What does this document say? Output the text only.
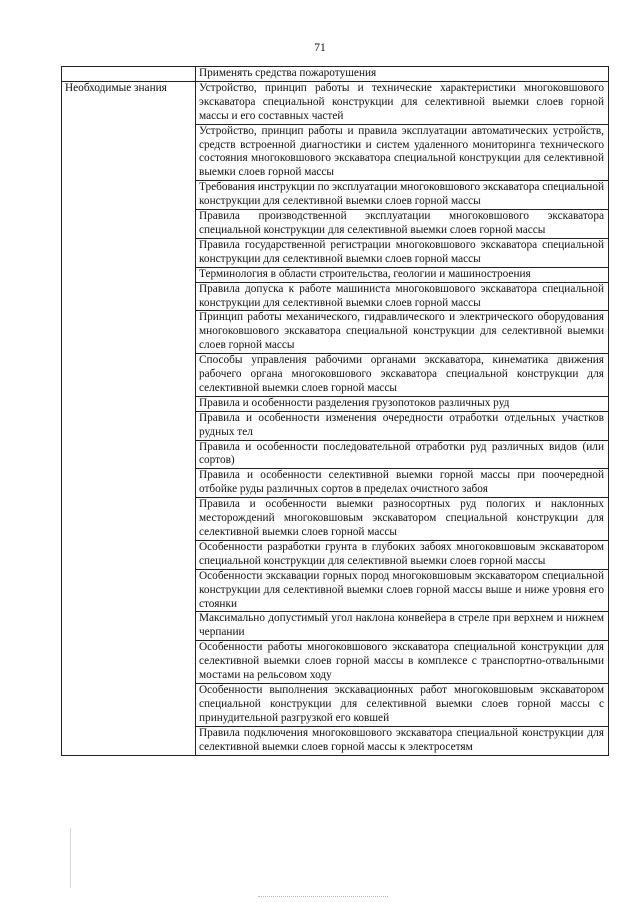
71
	Применять средства пожаротушения
Необходимые знания	Устройство, принцип работы и технические характеристики многоковшового экскаватора специальной конструкции для селективной выемки слоев горной массы и его составных частей
	Устройство, принцип работы и правила эксплуатации автоматических устройств, средств встроенной диагностики и систем удаленного мониторинга технического состояния многоковшового экскаватора специальной конструкции для селективной выемки слоев горной массы
	Требования инструкции по эксплуатации многоковшового экскаватора специальной конструкции для селективной выемки слоев горной массы
	Правила производственной эксплуатации многоковшового экскаватора специальной конструкции для селективной выемки слоев горной массы
	Правила государственной регистрации многоковшового экскаватора специальной конструкции для селективной выемки слоев горной массы
	Терминология в области строительства, геологии и машиностроения
	Правила допуска к работе машиниста многоковшового экскаватора специальной конструкции для селективной выемки слоев горной массы
	Принцип работы механического, гидравлического и электрического оборудования многоковшового экскаватора специальной конструкции для селективной выемки слоев горной массы
	Способы управления рабочими органами экскаватора, кинематика движения рабочего органа многоковшового экскаватора специальной конструкции для селективной выемки слоев горной массы
	Правила и особенности разделения грузопотоков различных руд
	Правила и особенности изменения очередности отработки отдельных участков рудных тел
	Правила и особенности последовательной отработки руд различных видов (или сортов)
	Правила и особенности селективной выемки горной массы при поочередной отбойке руды различных сортов в пределах очистного забоя
	Правила и особенности выемки разносортных руд пологих и наклонных месторождений многоковшовым экскаватором специальной конструкции для селективной выемки слоев горной массы
	Особенности разработки грунта в глубоких забоях многоковшовым экскаватором специальной конструкции для селективной выемки слоев горной массы
	Особенности экскавации горных пород многоковшовым экскаватором специальной конструкции для селективной выемки слоев горной массы выше и ниже уровня его стоянки
	Максимально допустимый угол наклона конвейера в стреле при верхнем и нижнем черпании
	Особенности работы многоковшового экскаватора специальной конструкции для селективной выемки слоев горной массы в комплексе с транспортно-отвальными мостами на рельсовом ходу
	Особенности выполнения экскавационных работ многоковшовым экскаватором специальной конструкции для селективной выемки слоев горной массы с принудительной разгрузкой его ковшей
	Правила подключения многоковшового экскаватора специальной конструкции для селективной выемки слоев горной массы к электросетям
